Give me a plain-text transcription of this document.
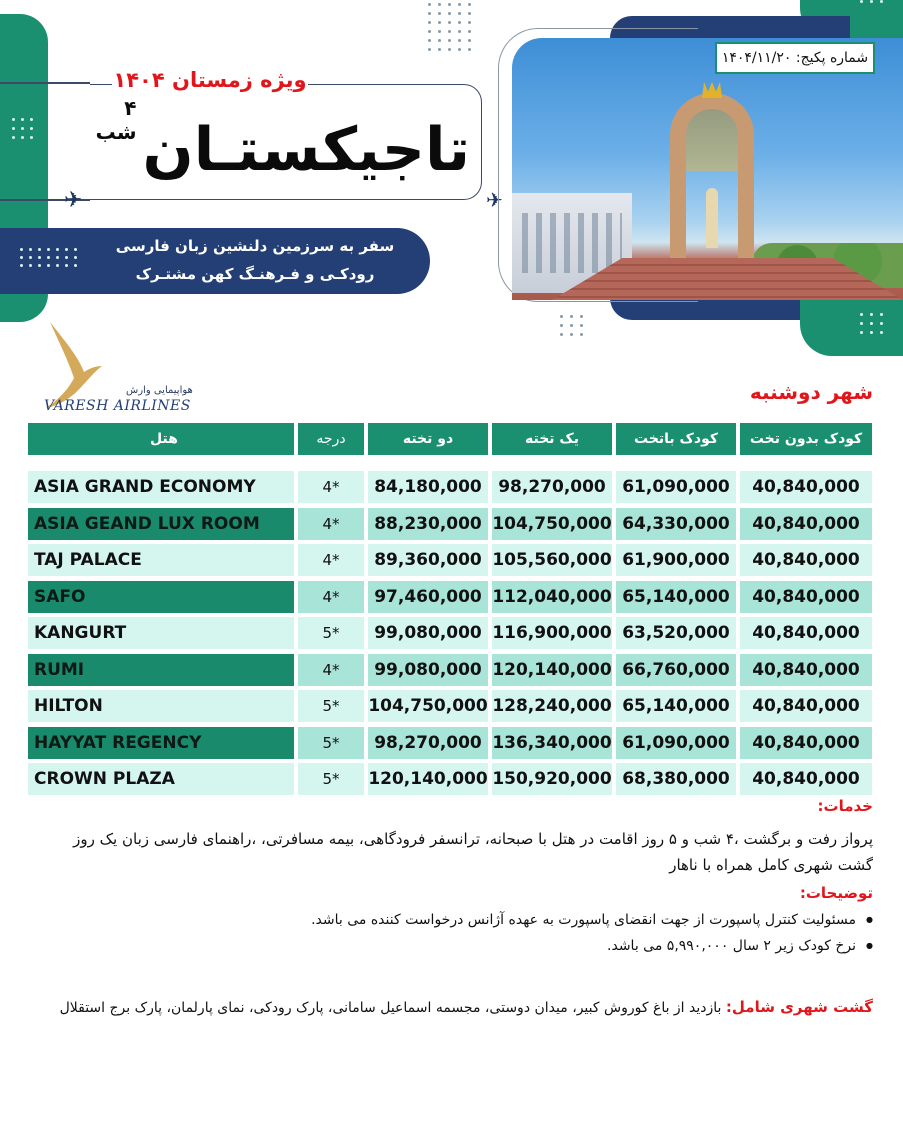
ویژه زمستان ۱۴۰۴
تاجیکستـان
۴ شب
✈	✈
سفر به سرزمین دلنشین زبان فارسی
رودکـی و فـرهنـگ کهن مشتـرک
شماره پکیج: ۱۴۰۴/۱۱/۲۰
هواپیمایی وارش
VARESH AIRLINES
شهر دوشنبه
هتل	درجه	دو تخته	یک تخته	کودک باتخت	کودک بدون تخت
ASIA GRAND ECONOMY	4*	84,180,000 98,270,000 61,090,000	40,840,000
ASIA GEAND LUX ROOM	4*	88,230,000 104,750,000 64,330,000	40,840,000
TAJ PALACE	4*	89,360,000 105,560,000 61,900,000	40,840,000
SAFO	4*	97,460,000 112,040,000 65,140,000	40,840,000
KANGURT	5*	99,080,000 116,900,000 63,520,000	40,840,000
RUMI	4*	99,080,000 120,140,000 66,760,000	40,840,000
HILTON	5*	104,750,000 128,240,000 65,140,000	40,840,000
HAYYAT REGENCY	5*	98,270,000 136,340,000 61,090,000	40,840,000
CROWN PLAZA	5*	120,140,000 150,920,000 68,380,000	40,840,000
خدمات:
پرواز رفت و برگشت ،۴ شب و ۵ روز اقامت در هتل با صبحانه، ترانسفر فرودگاهی، بیمه مسافرتی، ،راهنمای فارسی زبان یک روز
گشت شهری کامل همراه با ناهار
توضیحات:
● مسئولیت کنترل پاسپورت از جهت انقضای پاسپورت به عهده آژانس درخواست کننده می باشد.
● نرخ کودک زیر ۲ سال ۵,۹۹۰,۰۰۰ می باشد.
گشت شهری شامل: بازدید از باغ کوروش کبیر، میدان دوستی، مجسمه اسماعیل سامانی، پارک رودکی، نمای پارلمان، پارک برج استقلال
